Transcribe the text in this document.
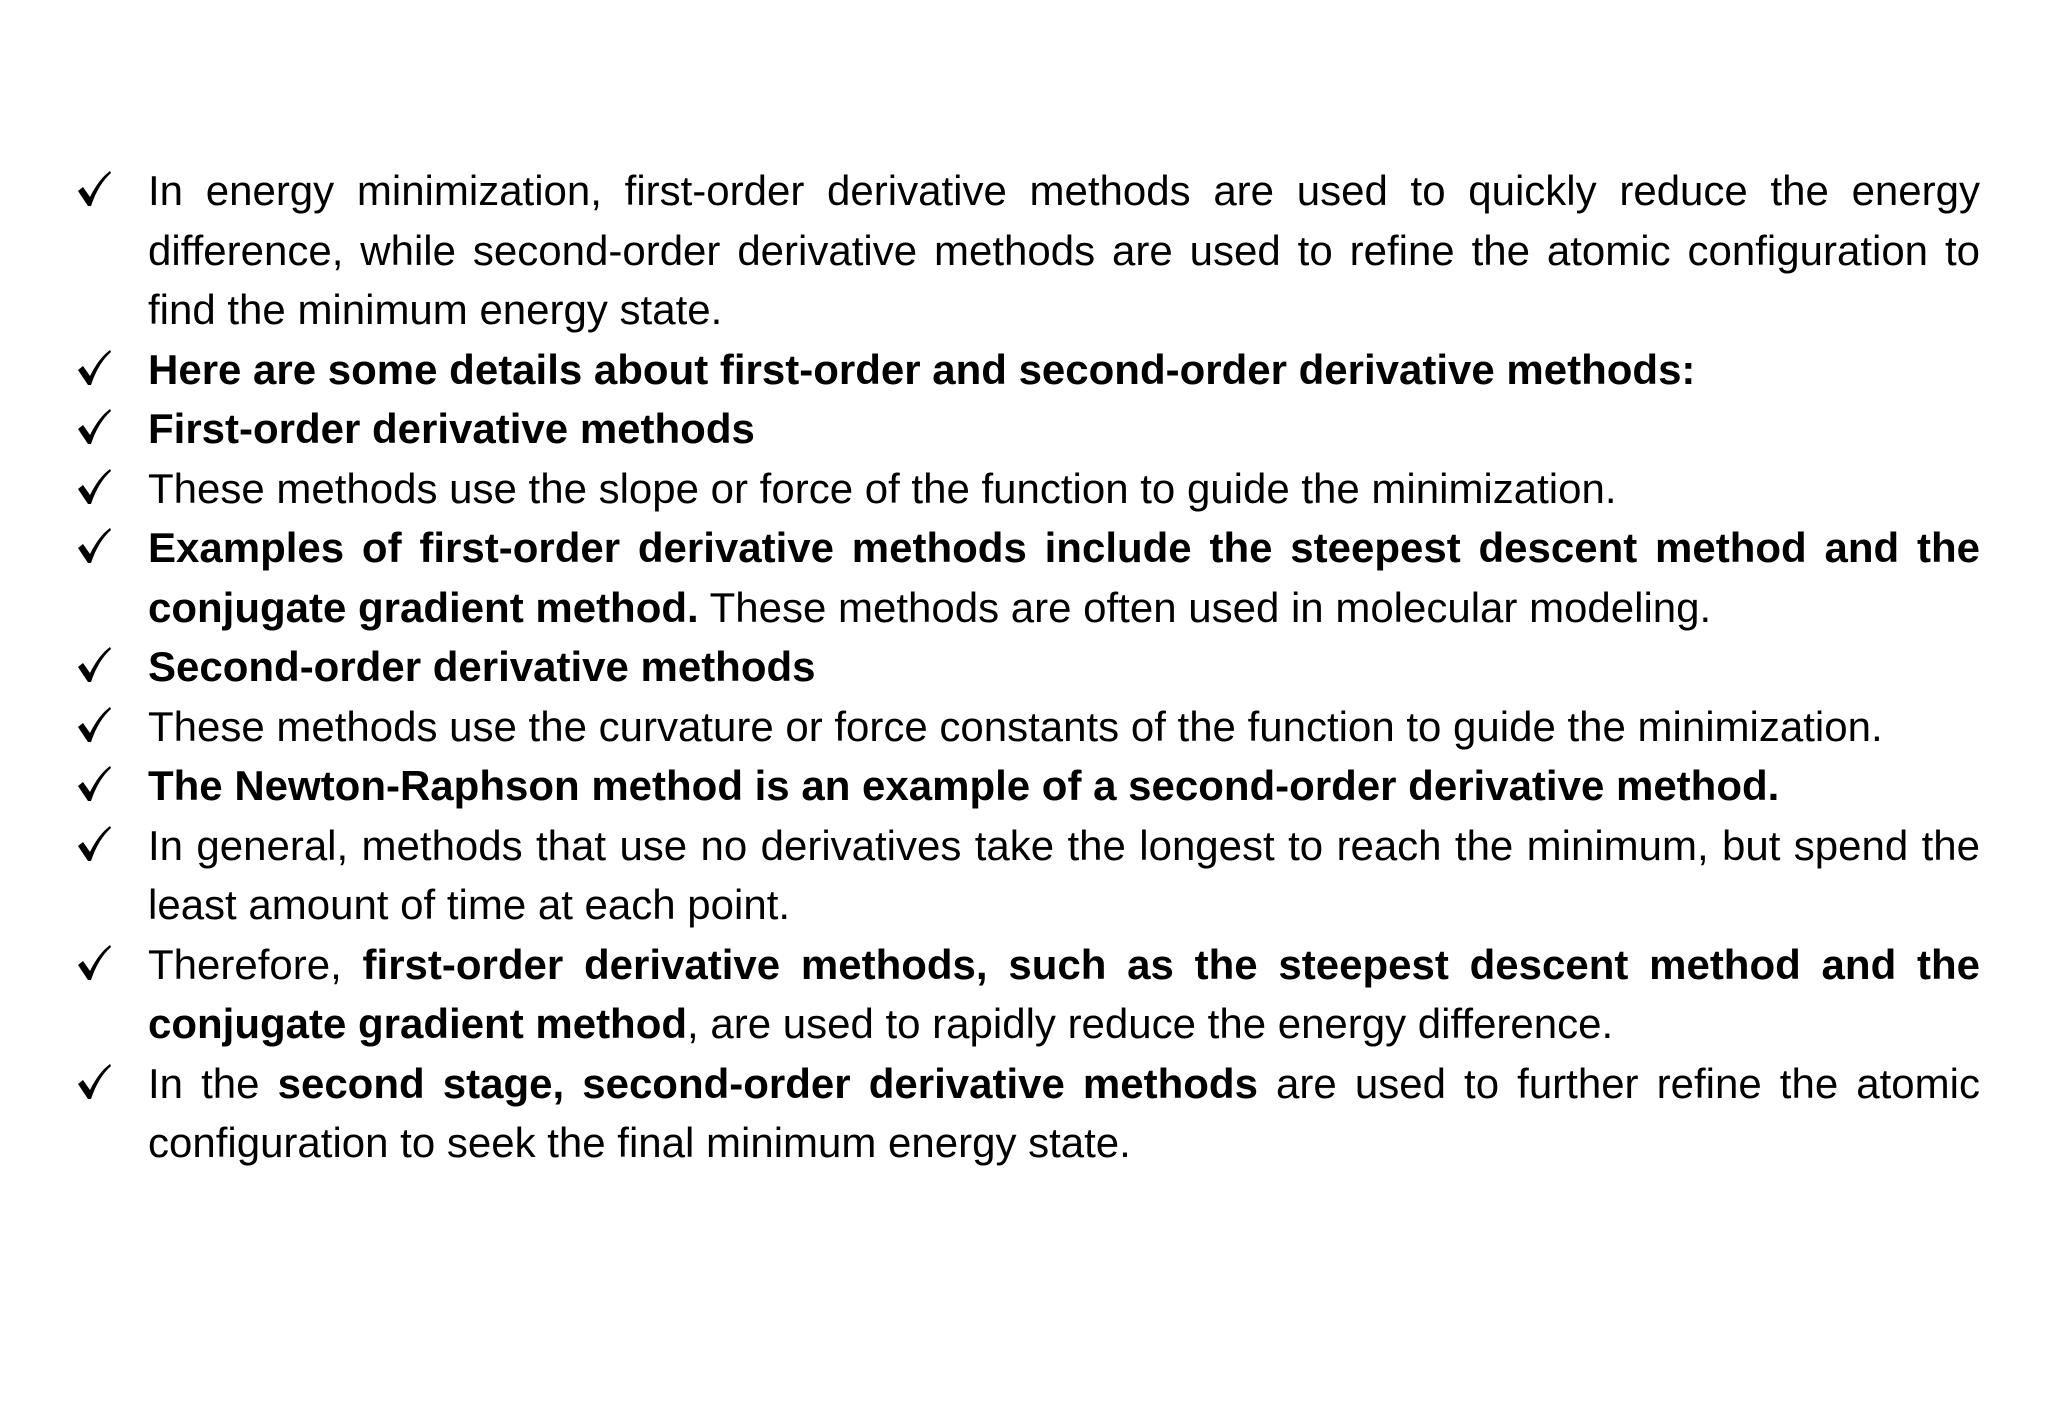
In energy minimization, first-order derivative methods are used to quickly reduce the energy difference, while second-order derivative methods are used to refine the atomic configuration to find the minimum energy state.
Here are some details about first-order and second-order derivative methods:
First-order derivative methods
These methods use the slope or force of the function to guide the minimization.
Examples of first-order derivative methods include the steepest descent method and the conjugate gradient method. These methods are often used in molecular modeling.
Second-order derivative methods
These methods use the curvature or force constants of the function to guide the minimization.
The Newton-Raphson method is an example of a second-order derivative method.
In general, methods that use no derivatives take the longest to reach the minimum, but spend the least amount of time at each point.
Therefore, first-order derivative methods, such as the steepest descent method and the conjugate gradient method, are used to rapidly reduce the energy difference.
In the second stage, second-order derivative methods are used to further refine the atomic configuration to seek the final minimum energy state.
